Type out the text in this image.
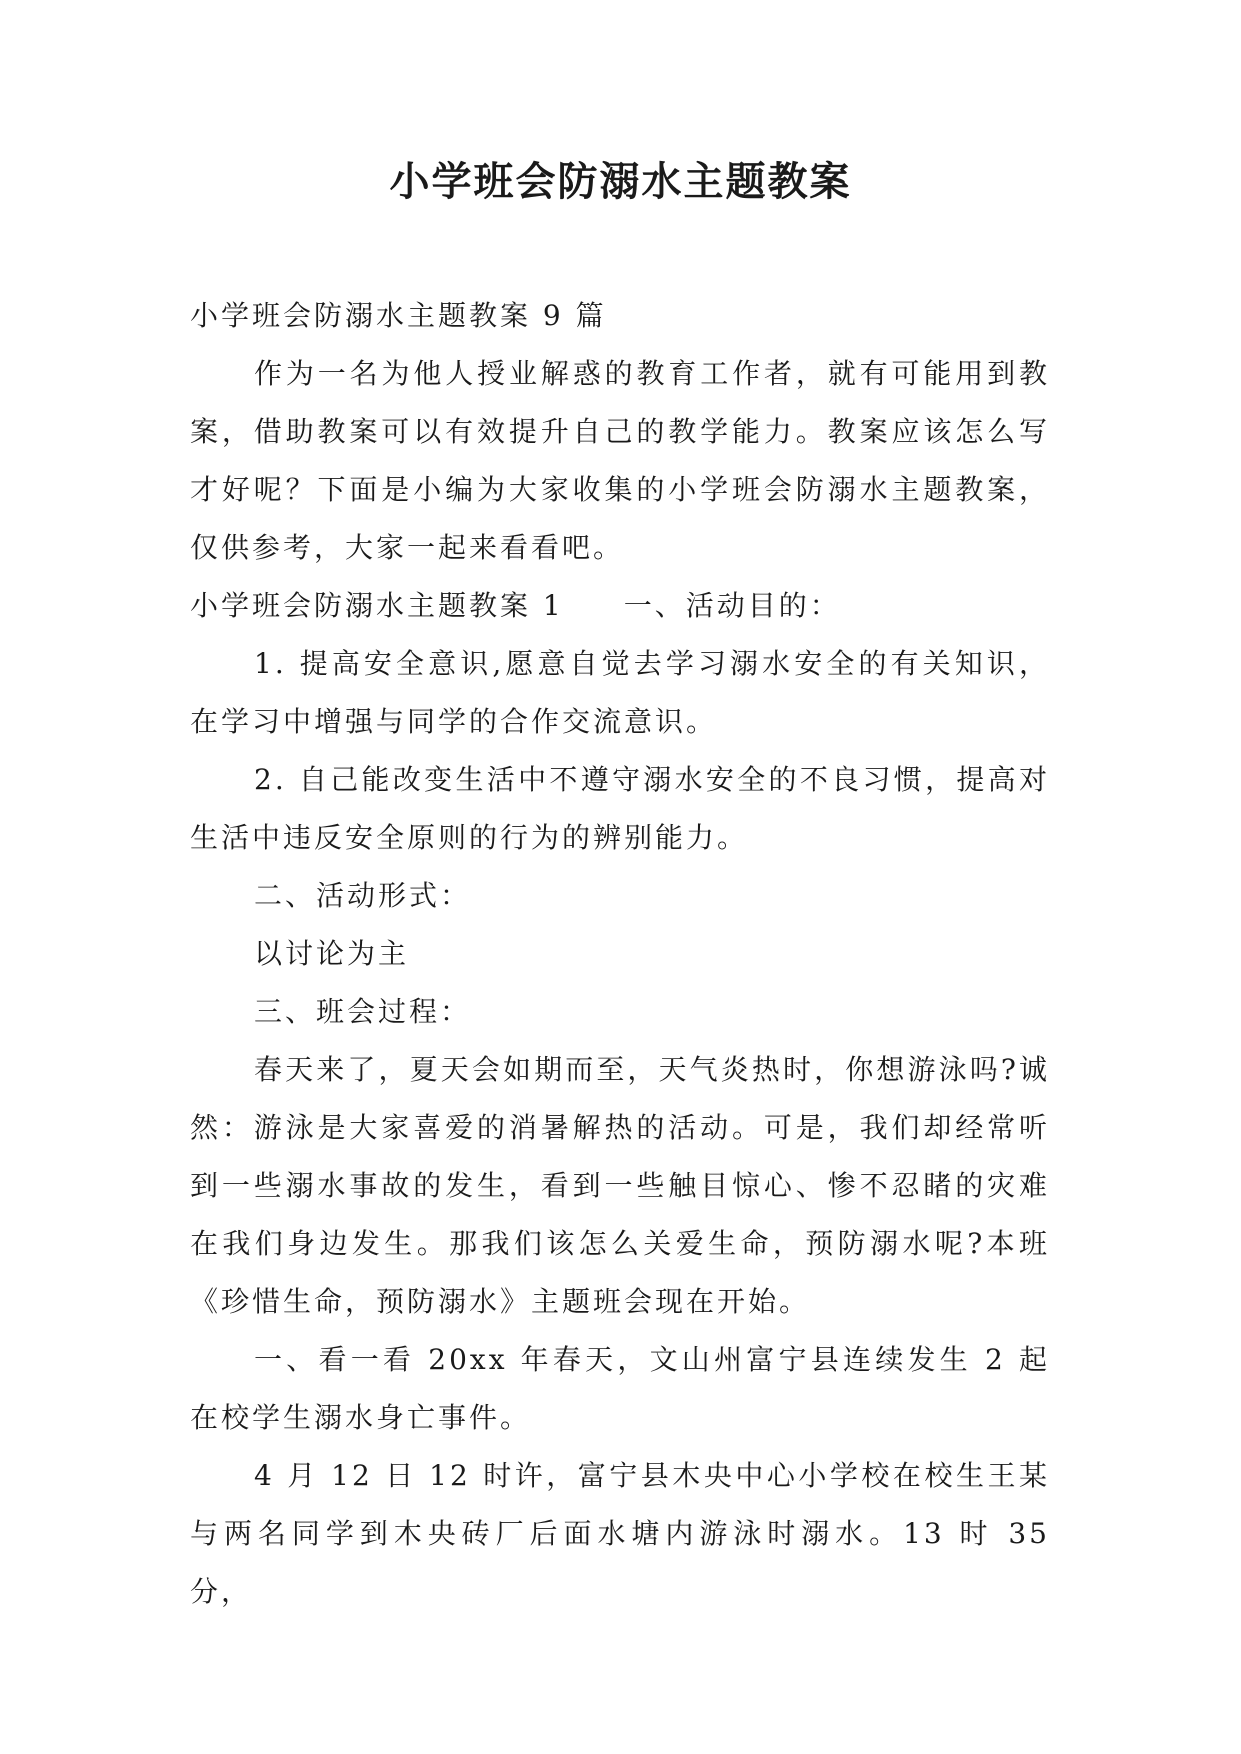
小学班会防溺水主题教案

小学班会防溺水主题教案 9 篇

作为一名为他人授业解惑的教育工作者，就有可能用到教案，借助教案可以有效提升自己的教学能力。教案应该怎么写才好呢？下面是小编为大家收集的小学班会防溺水主题教案，仅供参考，大家一起来看看吧。

小学班会防溺水主题教案 1 一、活动目的：

1. 提高安全意识,愿意自觉去学习溺水安全的有关知识，在学习中增强与同学的合作交流意识。

2. 自己能改变生活中不遵守溺水安全的不良习惯，提高对生活中违反安全原则的行为的辨别能力。

二、活动形式：

以讨论为主

三、班会过程：

春天来了，夏天会如期而至，天气炎热时，你想游泳吗?诚然：游泳是大家喜爱的消暑解热的活动。可是，我们却经常听到一些溺水事故的发生，看到一些触目惊心、惨不忍睹的灾难在我们身边发生。那我们该怎么关爱生命，预防溺水呢?本班《珍惜生命，预防溺水》主题班会现在开始。

一、看一看 20xx 年春天，文山州富宁县连续发生 2 起在校学生溺水身亡事件。

4 月 12 日 12 时许，富宁县木央中心小学校在校生王某与两名同学到木央砖厂后面水塘内游泳时溺水。13 时 35 分，
